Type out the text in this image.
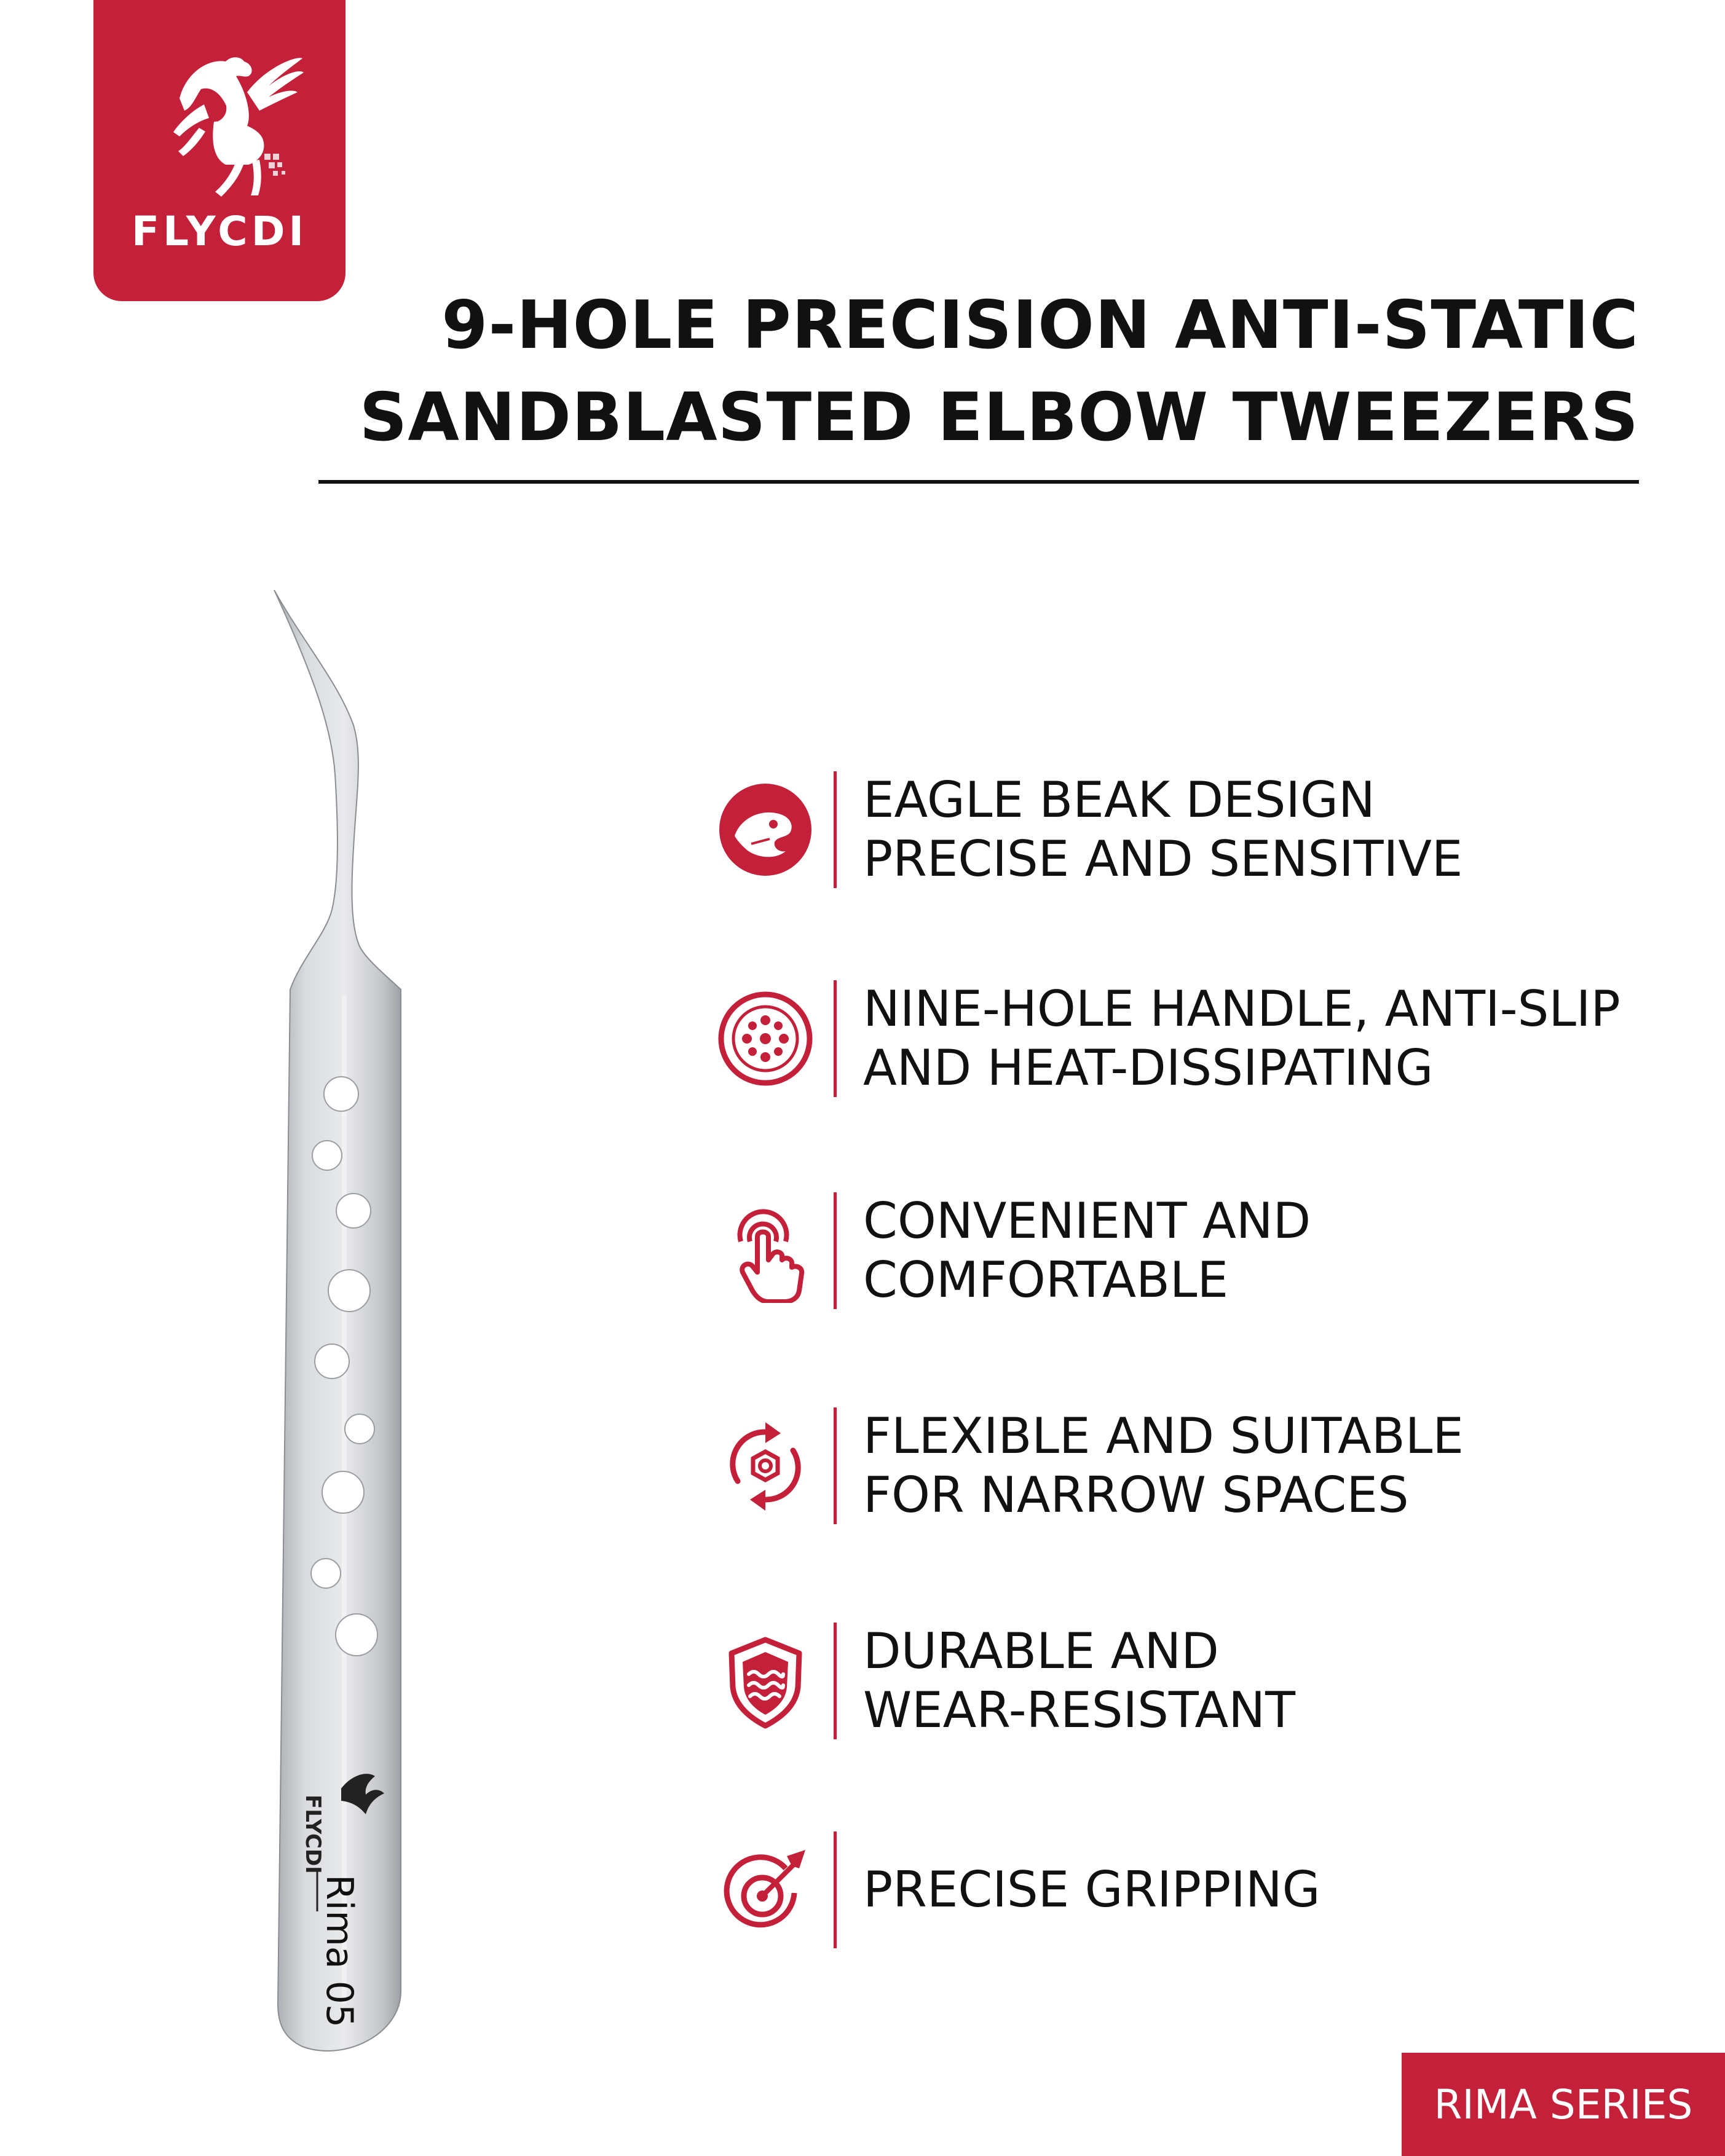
FLYCDI
9-HOLE PRECISION ANTI-STATIC
SANDBLASTED ELBOW TWEEZERS
FLYCDI
Rima 05
EAGLE BEAK DESIGN
PRECISE AND SENSITIVE
NINE-HOLE HANDLE, ANTI-SLIP
AND HEAT-DISSIPATING
CONVENIENT AND
COMFORTABLE
FLEXIBLE AND SUITABLE
FOR NARROW SPACES
DURABLE AND
WEAR-RESISTANT
PRECISE GRIPPING
RIMA SERIES
